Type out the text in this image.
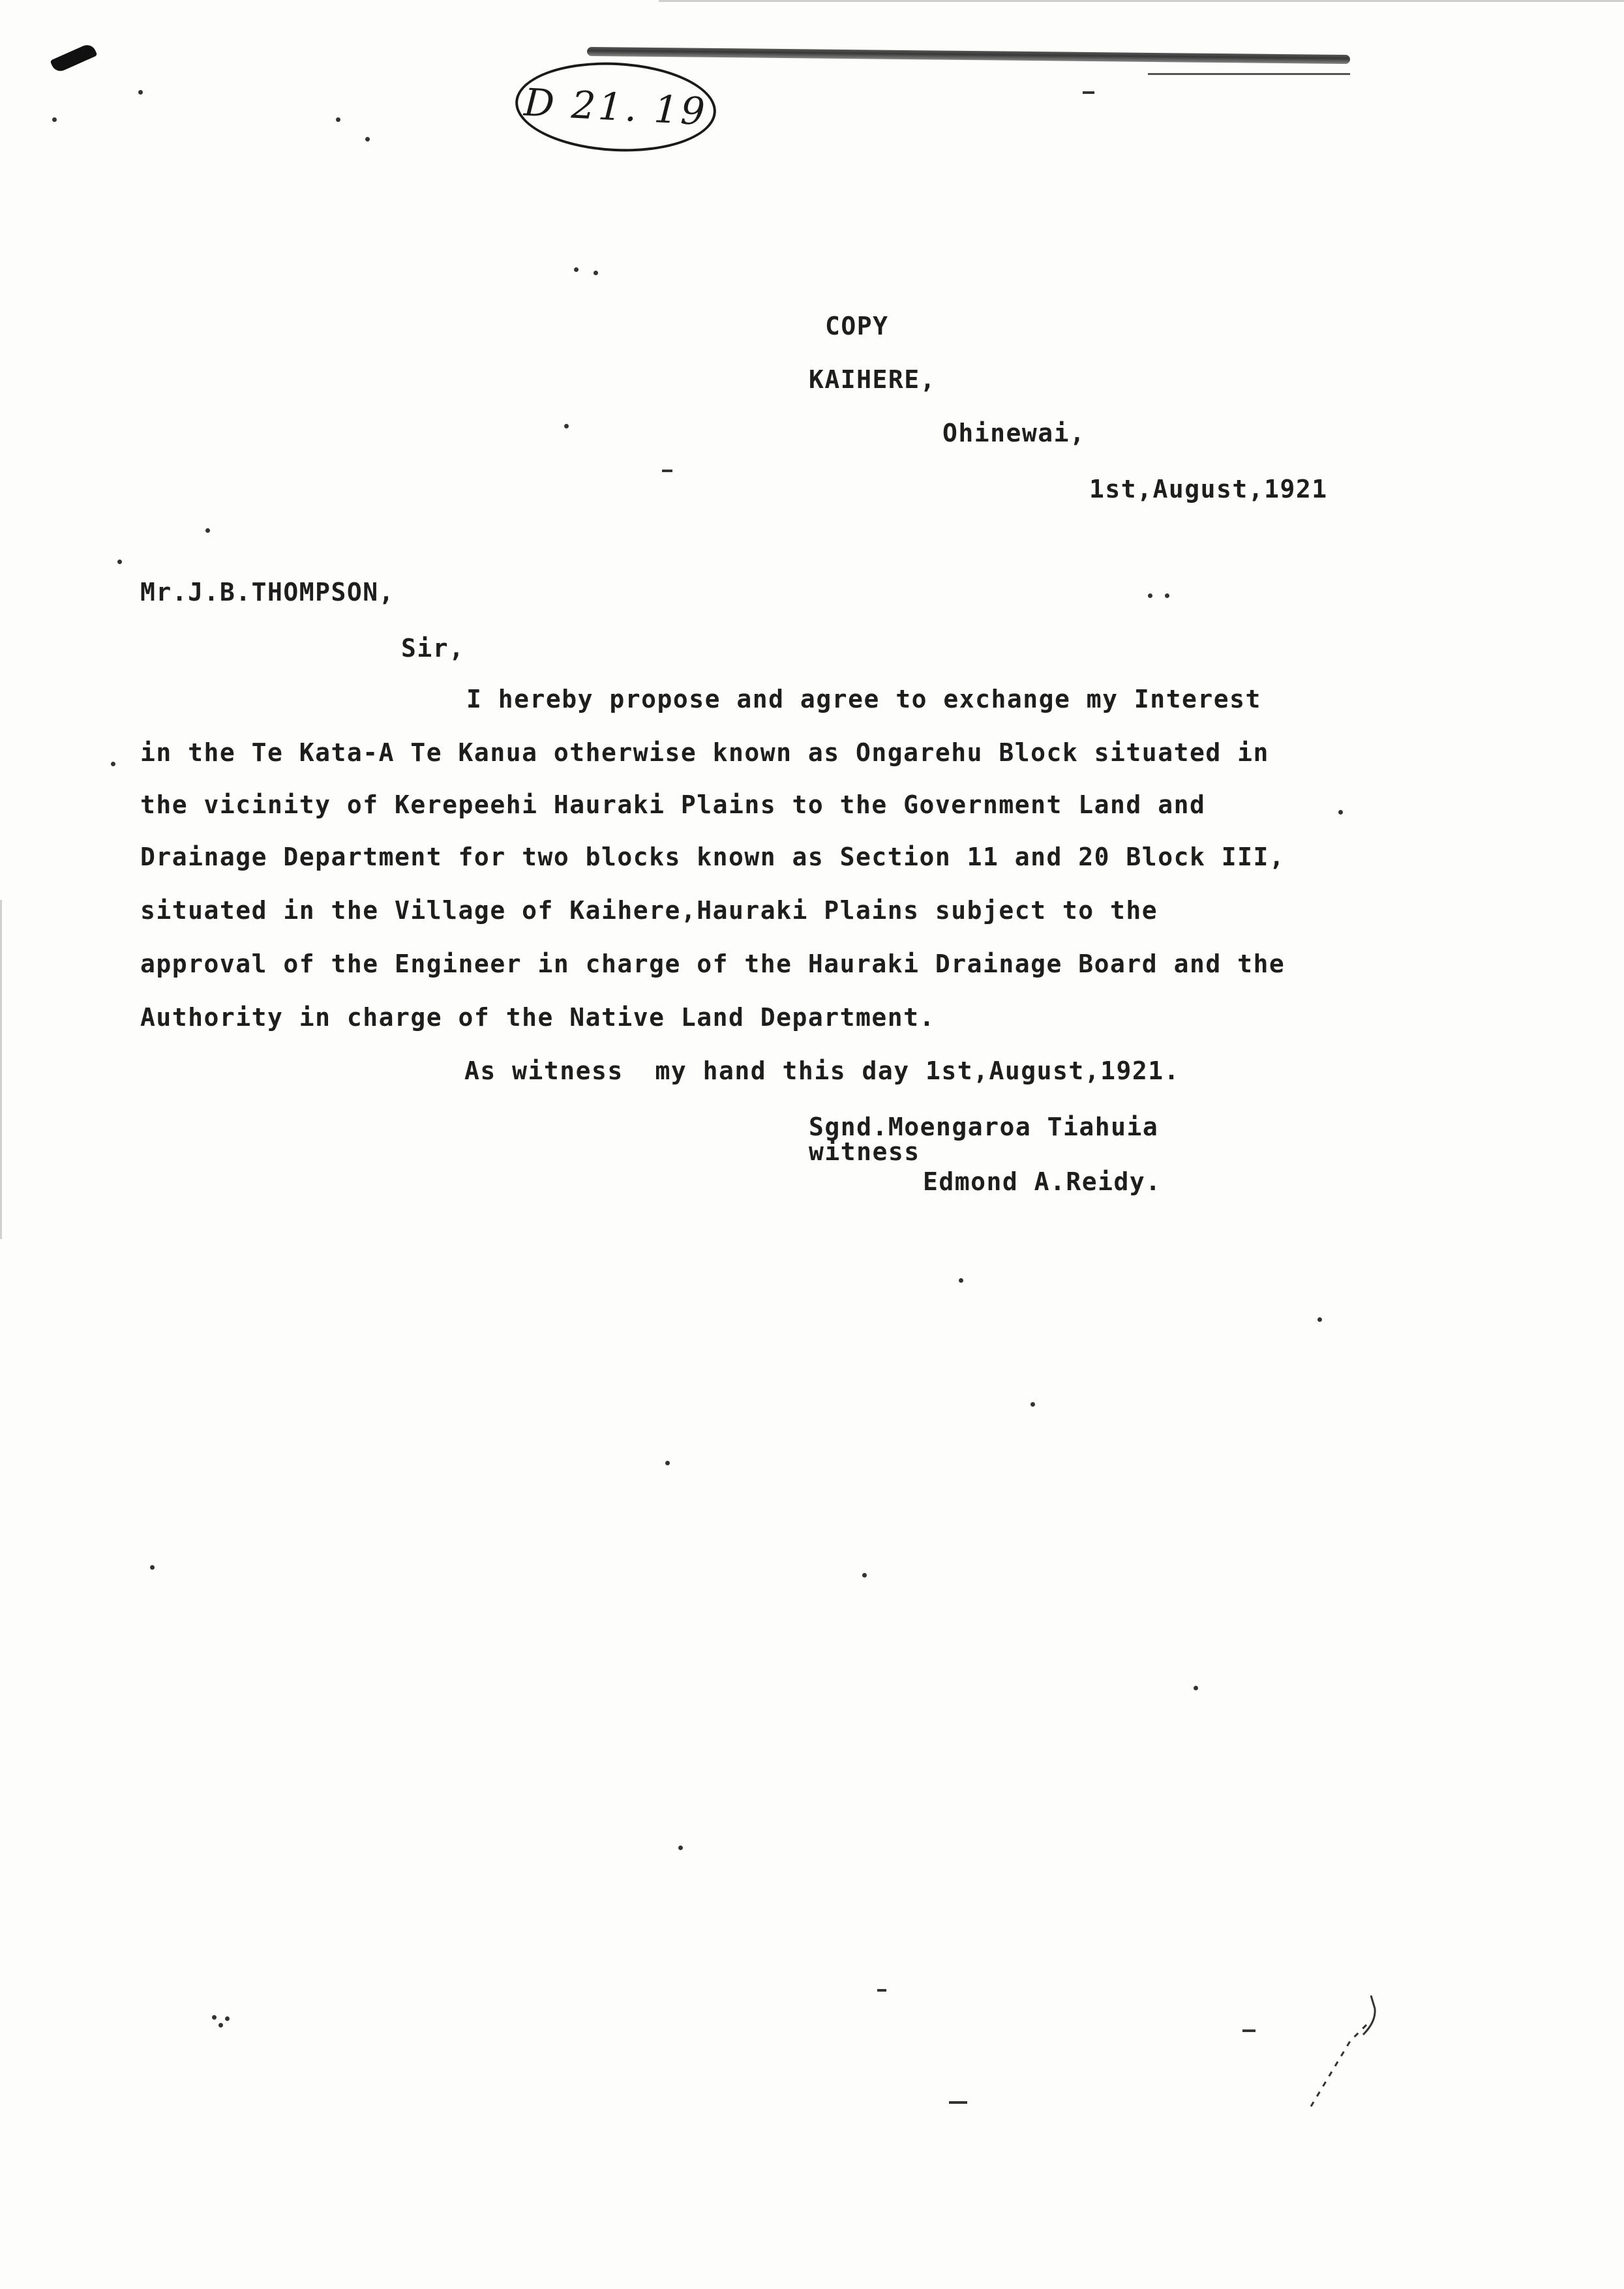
D 21. 19

COPY

KAIHERE,

Ohinewai,

1st,August,1921

Mr.J.B.THOMPSON,

Sir,

I hereby propose and agree to exchange my Interest

in the Te Kata-A Te Kanua otherwise known as Ongarehu Block situated in

the vicinity of Kerepeehi Hauraki Plains to the Government Land and

Drainage Department for two blocks known as Section 11 and 20 Block III,

situated in the Village of Kaihere,Hauraki Plains subject to the

approval of the Engineer in charge of the Hauraki Drainage Board and the

Authority in charge of the Native Land Department.

As witness  my hand this day 1st,August,1921.

Sgnd.Moengaroa Tiahuia

witness

Edmond A.Reidy.
